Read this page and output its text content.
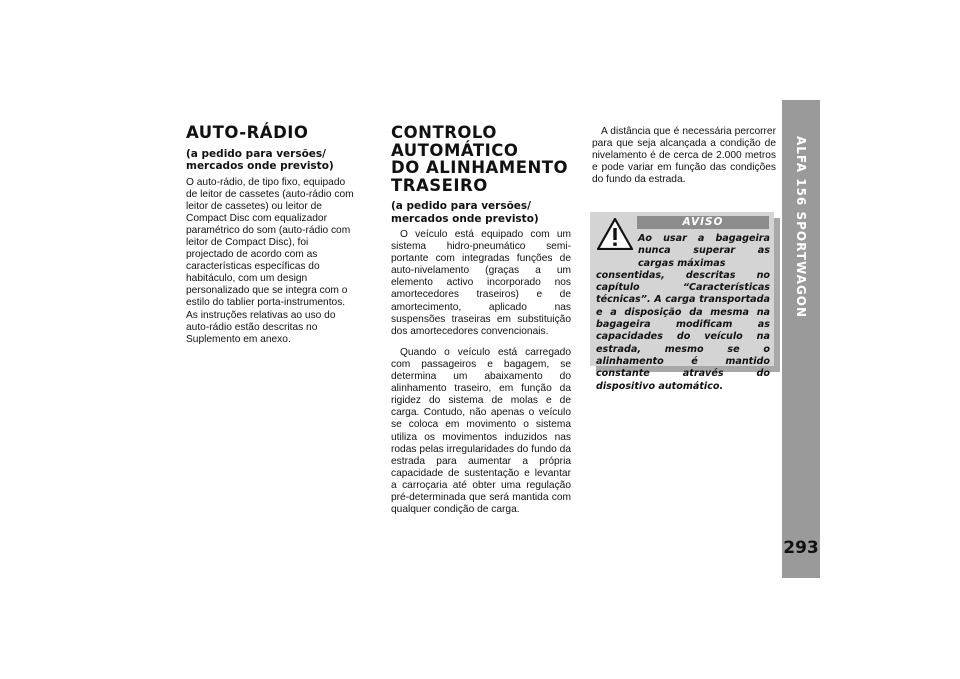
AUTO-RÁDIO
(a pedido para versões/ mercados onde previsto)

O auto-rádio, de tipo fixo, equipado de leitor de cassetes (auto-rádio com leitor de cassetes) ou leitor de Compact Disc com equalizador paramétrico do som (auto-rádio com leitor de Compact Disc), foi projectado de acordo com as características específicas do habitáculo, com um design personalizado que se integra com o estilo do tablier porta-instrumentos. As instruções relativas ao uso do auto-rádio estão descritas no Suplemento em anexo.

CONTROLO
AUTOMÁTICO
DO ALINHAMENTO
TRASEIRO
(a pedido para versões/ mercados onde previsto)

O veículo está equipado com um sistema hidro-pneumático semi-portante com integradas funções de auto-nivelamento (graças a um elemento activo incorporado nos amortecedores traseiros) e de amortecimento, aplicado nas suspensões traseiras em substituição dos amortecedores convencionais.

Quando o veículo está carregado com passageiros e bagagem, se determina um abaixamento do alinhamento traseiro, em função da rigidez do sistema de molas e de carga. Contudo, não apenas o veículo se coloca em movimento o sistema utiliza os movimentos induzidos nas rodas pelas irregularidades do fundo da estrada para aumentar a própria capacidade de sustentação e levantar a carroçaria até obter uma regulação pré-determinada que será mantida com qualquer condição de carga.

A distância que é necessária percorrer para que seja alcançada a condição de nivelamento é de cerca de 2.000 metros e pode variar em função das condições do fundo da estrada.

AVISO
Ao usar a bagageira nunca superar as cargas máximas
consentidas, descritas no capítulo “Características técnicas”. A carga transportada e a disposição da mesma na bagageira modificam as capacidades do veículo na estrada, mesmo se o alinhamento é mantido constante através do dispositivo automático.
ALFA 156 SPORTWAGON
293
